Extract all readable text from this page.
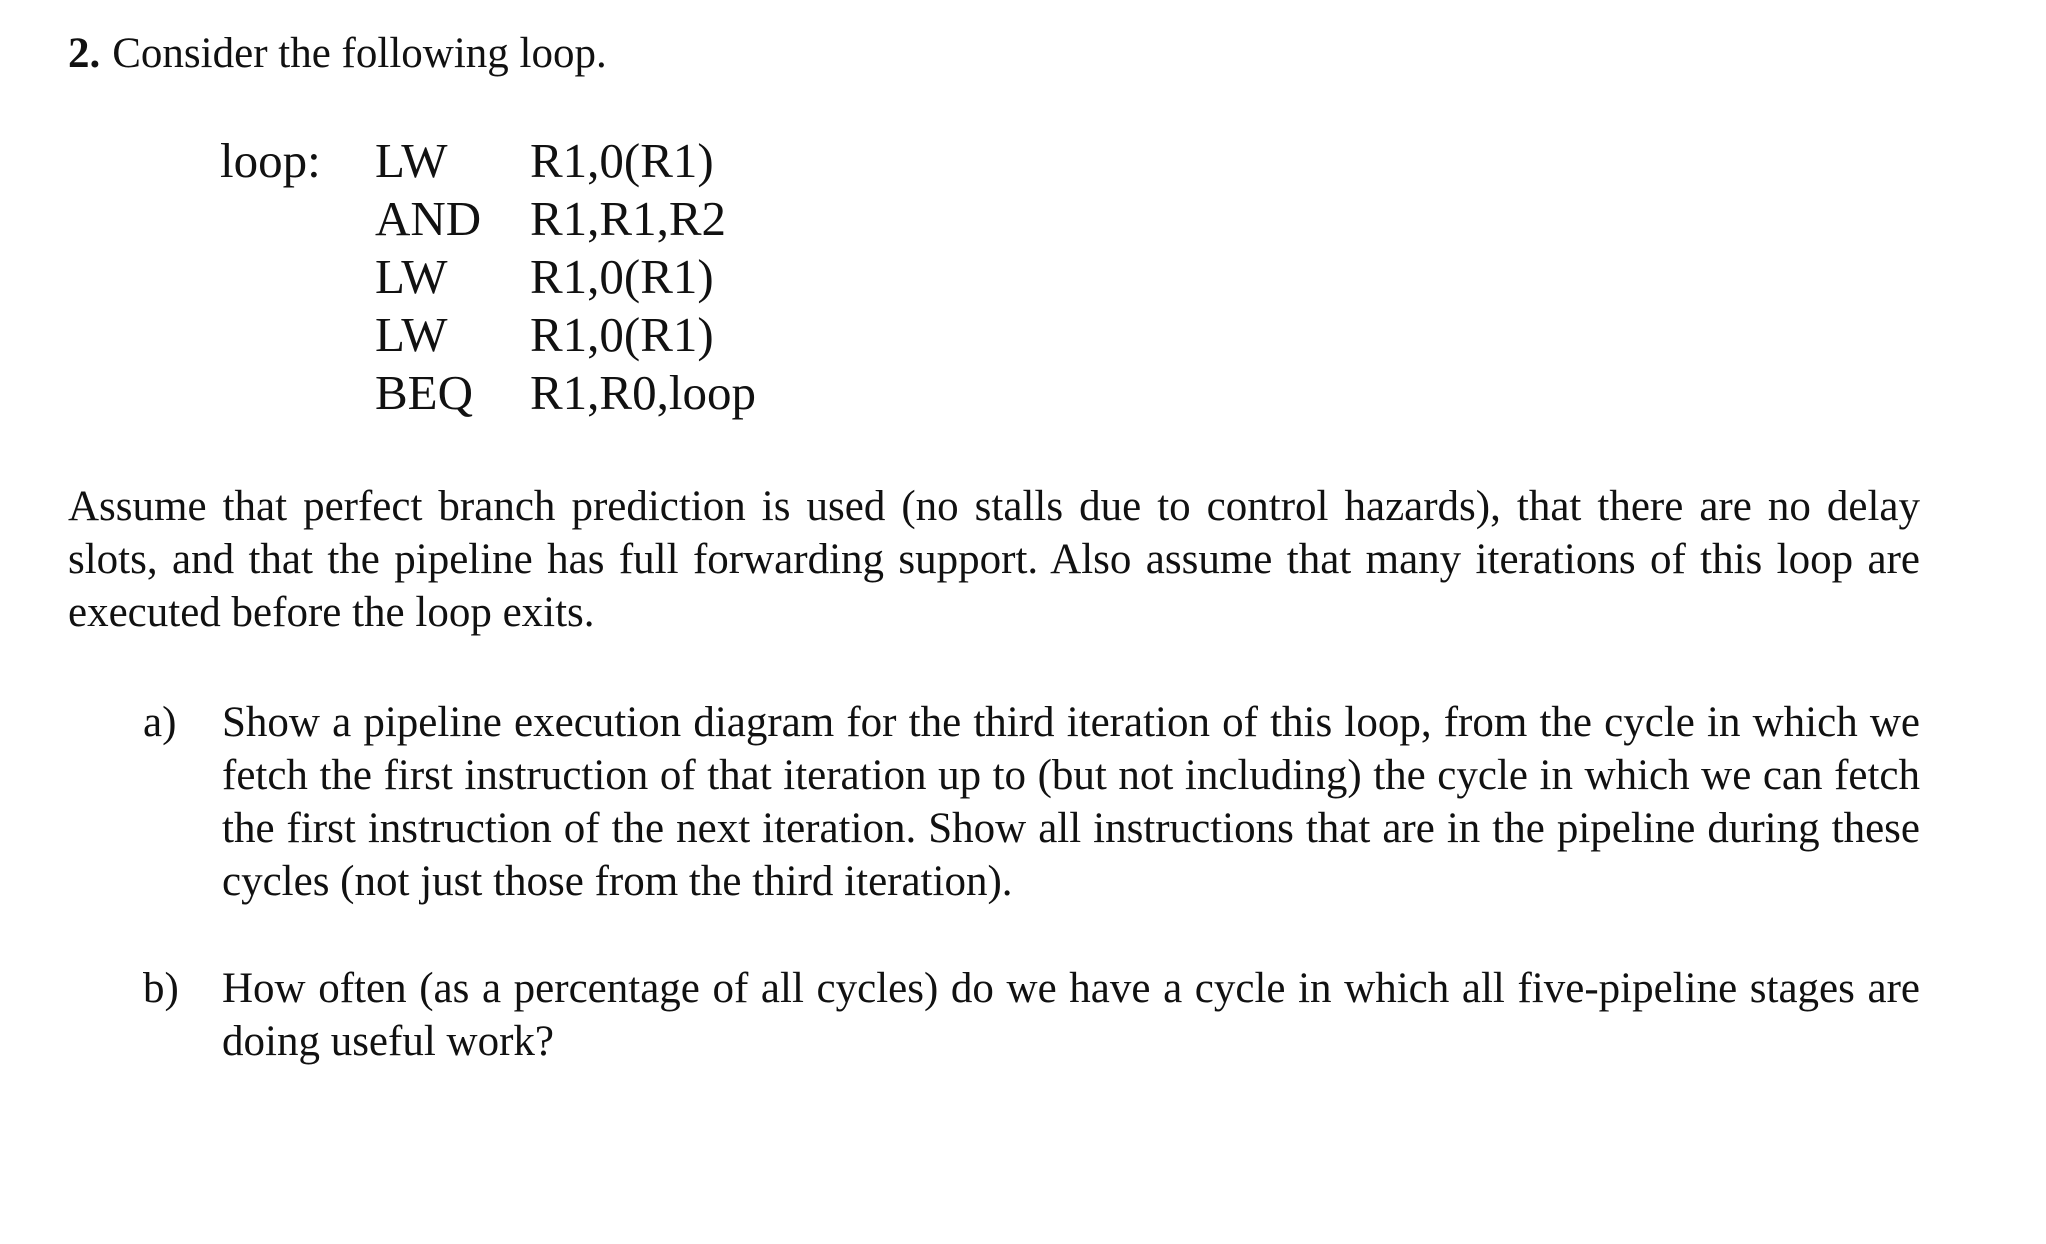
2. Consider the following loop.
loop: LW R1,0(R1)
AND R1,R1,R2
LW R1,0(R1)
LW R1,0(R1)
BEQ R1,R0,loop

Assume that perfect branch prediction is used (no stalls due to control hazards), that there are no delay slots, and that the pipeline has full forwarding support. Also assume that many iterations of this loop are executed before the loop exits.

a) Show a pipeline execution diagram for the third iteration of this loop, from the cycle in which we fetch the first instruction of that iteration up to (but not including) the cycle in which we can fetch the first instruction of the next iteration. Show all instructions that are in the pipeline during these cycles (not just those from the third iteration).

b) How often (as a percentage of all cycles) do we have a cycle in which all five-pipeline stages are doing useful work?
